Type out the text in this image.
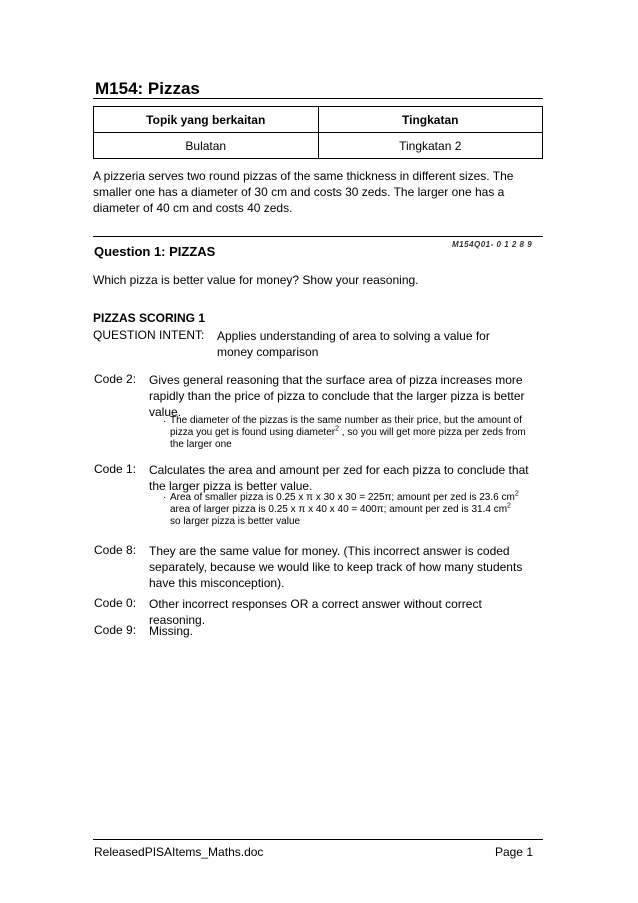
M154: Pizzas
Topik yang berkaitan	Tingkatan
Bulatan	Tingkatan 2
A pizzeria serves two round pizzas of the same thickness in different sizes. The smaller one has a diameter of 30 cm and costs 30 zeds. The larger one has a diameter of 40 cm and costs 40 zeds.
Question 1: PIZZAS	M154Q01- 0 1 2 8 9
Which pizza is better value for money? Show your reasoning.
PIZZAS SCORING 1
QUESTION INTENT: Applies understanding of area to solving a value for money comparison
Code 2: Gives general reasoning that the surface area of pizza increases more rapidly than the price of pizza to conclude that the larger pizza is better value.
· The diameter of the pizzas is the same number as their price, but the amount of pizza you get is found using diameter$^2$ , so you will get more pizza per zeds from the larger one
Code 1: Calculates the area and amount per zed for each pizza to conclude that the larger pizza is better value.
· Area of smaller pizza is 0.25 x π x 30 x 30 = 225π; amount per zed is 23.6 $cm^2$
area of larger pizza is 0.25 x π x 40 x 40 = 400π; amount per zed is 31.4 $cm^2$
so larger pizza is better value
Code 8: They are the same value for money. (This incorrect answer is coded separately, because we would like to keep track of how many students have this misconception).
Code 0: Other incorrect responses OR a correct answer without correct reasoning.
Code 9: Missing.
ReleasedPISAItems_Maths.doc	Page 1
